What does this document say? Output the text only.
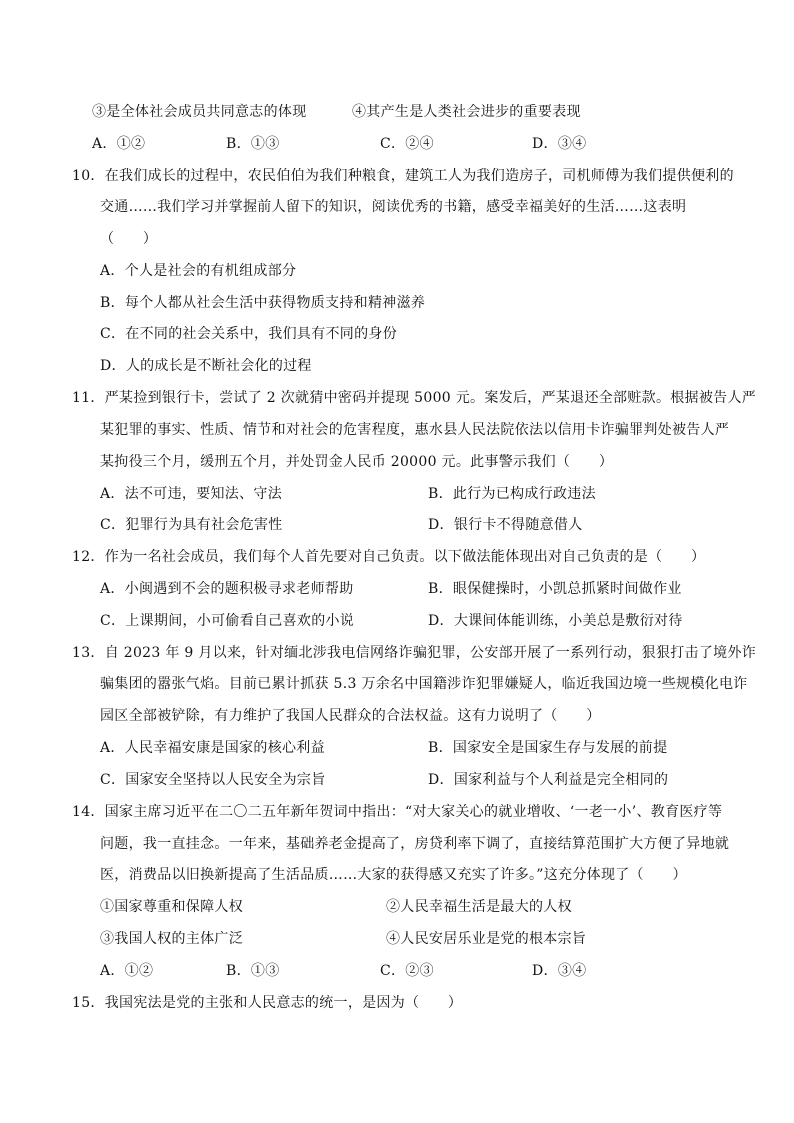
③是全体社会成员共同意志的体现	④其产生是人类社会进步的重要表现
A．①②	B．①③	C．②④	D．③④
10．在我们成长的过程中，农民伯伯为我们种粮食，建筑工人为我们造房子，司机师傅为我们提供便利的
交通……我们学习并掌握前人留下的知识，阅读优秀的书籍，感受幸福美好的生活……这表明
（　　）
A．个人是社会的有机组成部分
B．每个人都从社会生活中获得物质支持和精神滋养
C．在不同的社会关系中，我们具有不同的身份
D．人的成长是不断社会化的过程
11．严某捡到银行卡，尝试了 2 次就猜中密码并提现 5000 元。案发后，严某退还全部赃款。根据被告人严
某犯罪的事实、性质、情节和对社会的危害程度，惠水县人民法院依法以信用卡诈骗罪判处被告人严
某拘役三个月，缓刑五个月，并处罚金人民币 20000 元。此事警示我们（　　）
A．法不可违，要知法、守法	B．此行为已构成行政违法
C．犯罪行为具有社会危害性	D．银行卡不得随意借人
12．作为一名社会成员，我们每个人首先要对自己负责。以下做法能体现出对自己负责的是（　　）
A．小闽遇到不会的题积极寻求老师帮助	B．眼保健操时，小凯总抓紧时间做作业
C．上课期间，小可偷看自己喜欢的小说	D．大课间体能训练，小美总是敷衍对待
13．自 2023 年 9 月以来，针对缅北涉我电信网络诈骗犯罪，公安部开展了一系列行动，狠狠打击了境外诈
骗集团的嚣张气焰。目前已累计抓获 5.3 万余名中国籍涉诈犯罪嫌疑人，临近我国边境一些规模化电诈
园区全部被铲除，有力维护了我国人民群众的合法权益。这有力说明了（　　）
A．人民幸福安康是国家的核心利益	B．国家安全是国家生存与发展的前提
C．国家安全坚持以人民安全为宗旨	D．国家利益与个人利益是完全相同的
14．国家主席习近平在二〇二五年新年贺词中指出：“对大家关心的就业增收、‘一老一小’、教育医疗等
问题，我一直挂念。一年来，基础养老金提高了，房贷利率下调了，直接结算范围扩大方便了异地就
医，消费品以旧换新提高了生活品质……大家的获得感又充实了许多。”这充分体现了（　　）
①国家尊重和保障人权	②人民幸福生活是最大的人权
③我国人权的主体广泛	④人民安居乐业是党的根本宗旨
A．①②	B．①③	C．②③	D．③④
15．我国宪法是党的主张和人民意志的统一，是因为（　　）
